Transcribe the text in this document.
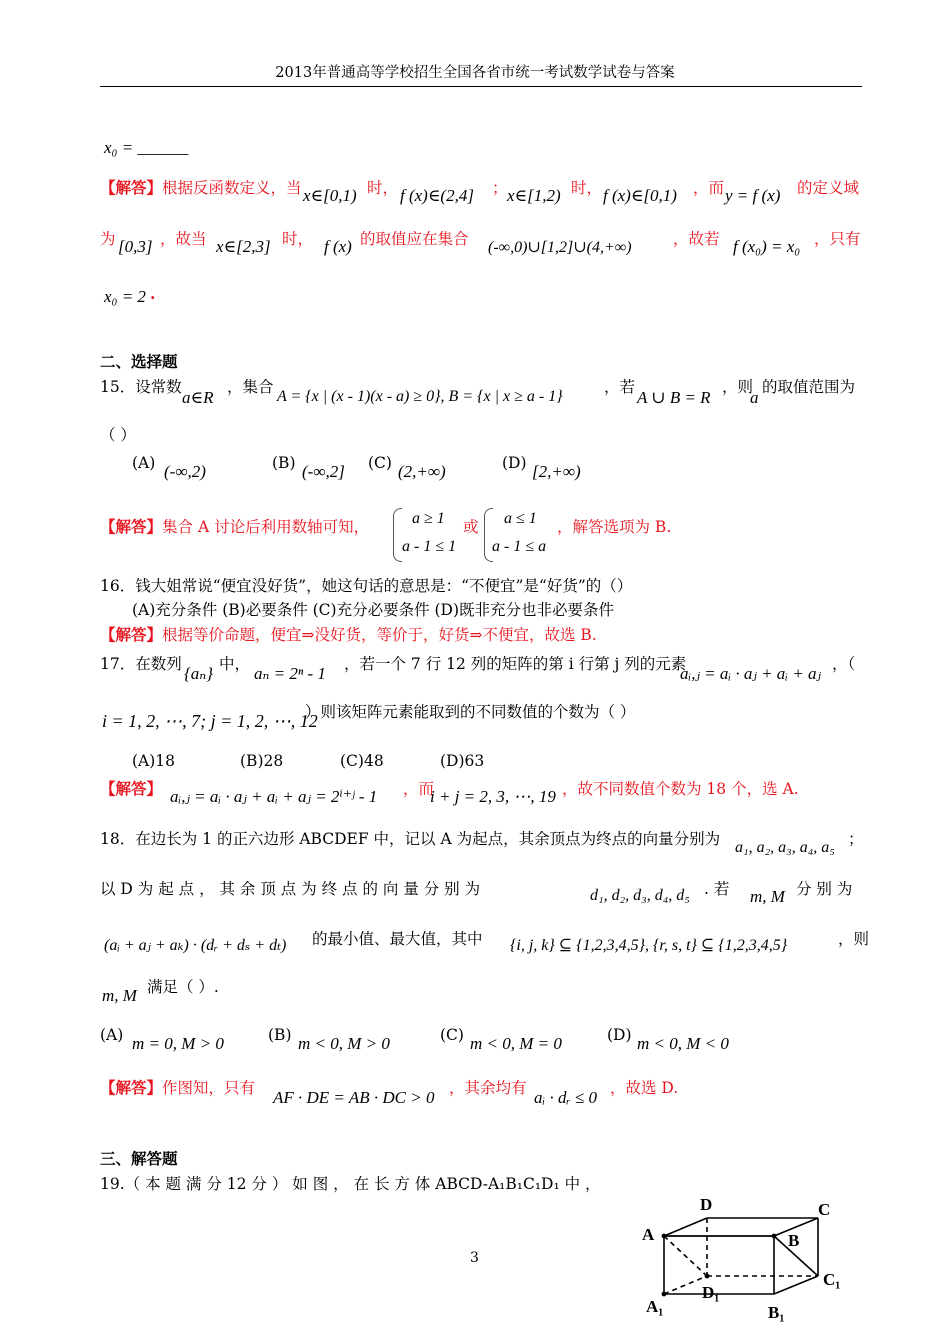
2013年普通高等学校招生全国各省市统一考试数学试卷与答案
x₀ = ______
【解答】根据反函数定义，当 x∈[0,1) 时， f (x)∈(2,4] ； x∈[1,2) 时， f (x)∈[0,1) ，而 y = f (x) 的定义域
为 [0,3] ，故当 x∈[2,3] 时， f (x) 的取值应在集合 (-∞,0)∪[1,2]∪(4,+∞)	，故若 f (x₀) = x₀ ，只有
x₀ = 2 .
二、选择题
15．设常数
a∈R
，集合
A = {x | (x - 1)(x - a) ≥ 0}, B = {x | x ≥ a - 1}
，若
A ∪ B = R
，则
a
的取值范围为
（ ）
(A) (-∞,2)	(B) (-∞,2] (C) (2,+∞)	(D) [2,+∞)
【解答】集合 A 讨论后利用数轴可知，	a ≥ 1
a - 1 ≤ 1
或 a ≤ 1
a - 1 ≤ a
，解答选项为 B.
16．钱大姐常说“便宜没好货”，她这句话的意思是：“不便宜”是“好货”的（）
(A)充分条件 (B)必要条件 (C)充分必要条件 (D)既非充分也非必要条件
【解答】根据等价命题，便宜⇒没好货，等价于，好货⇒不便宜，故选 B.
17．在数列 {aₙ} 中， aₙ = 2ⁿ - 1 ，若一个 7 行 12 列的矩阵的第 i 行第 j 列的元素
aᵢ,ⱼ = aᵢ · aⱼ + aᵢ + aⱼ ，（
i = 1, 2, ⋯, 7; j = 1, 2, ⋯, 12
）则该矩阵元素能取到的不同数值的个数为（ ）
(A)18	(B)28	(C)48	(D)63
【解答】 aᵢ,ⱼ = aᵢ · aⱼ + aᵢ + aⱼ = 2ⁱ⁺ʲ - 1 ，而
i + j = 2, 3, ⋯, 19 ，故不同数值个数为 18 个，选 A.
18．在边长为 1 的正六边形 ABCDEF 中，记以 A 为起点，其余顶点为终点的向量分别为 a₁, a₂, a₃, a₄, a₅ ；
以 D 为 起 点 ， 其 余 顶 点 为 终 点 的 向 量 分 别 为	d₁, d₂, d₃, d₄, d₅ . 若 m, M 分 别 为
(aᵢ + aⱼ + aₖ) · (dᵣ + dₛ + dₜ) 的最小值、最大值，其中 {i, j, k} ⊆ {1,2,3,4,5}, {r, s, t} ⊆ {1,2,3,4,5}	，则
m, M 满足（ ）.
(A) m = 0, M > 0	(B) m < 0, M > 0	(C) m < 0, M = 0	(D) m < 0, M < 0
【解答】作图知，只有 AF · DE = AB · DC > 0 ，其余均有 aᵢ · dᵣ ≤ 0 ，故选 D.
三、解答题
19.（ 本 题 满 分 12 分 ） 如 图 ， 在 长 方 体 ABCD-A₁B₁C₁D₁ 中 ，
3
A	B
C
D
A₁	B₁
C₁
D₁
